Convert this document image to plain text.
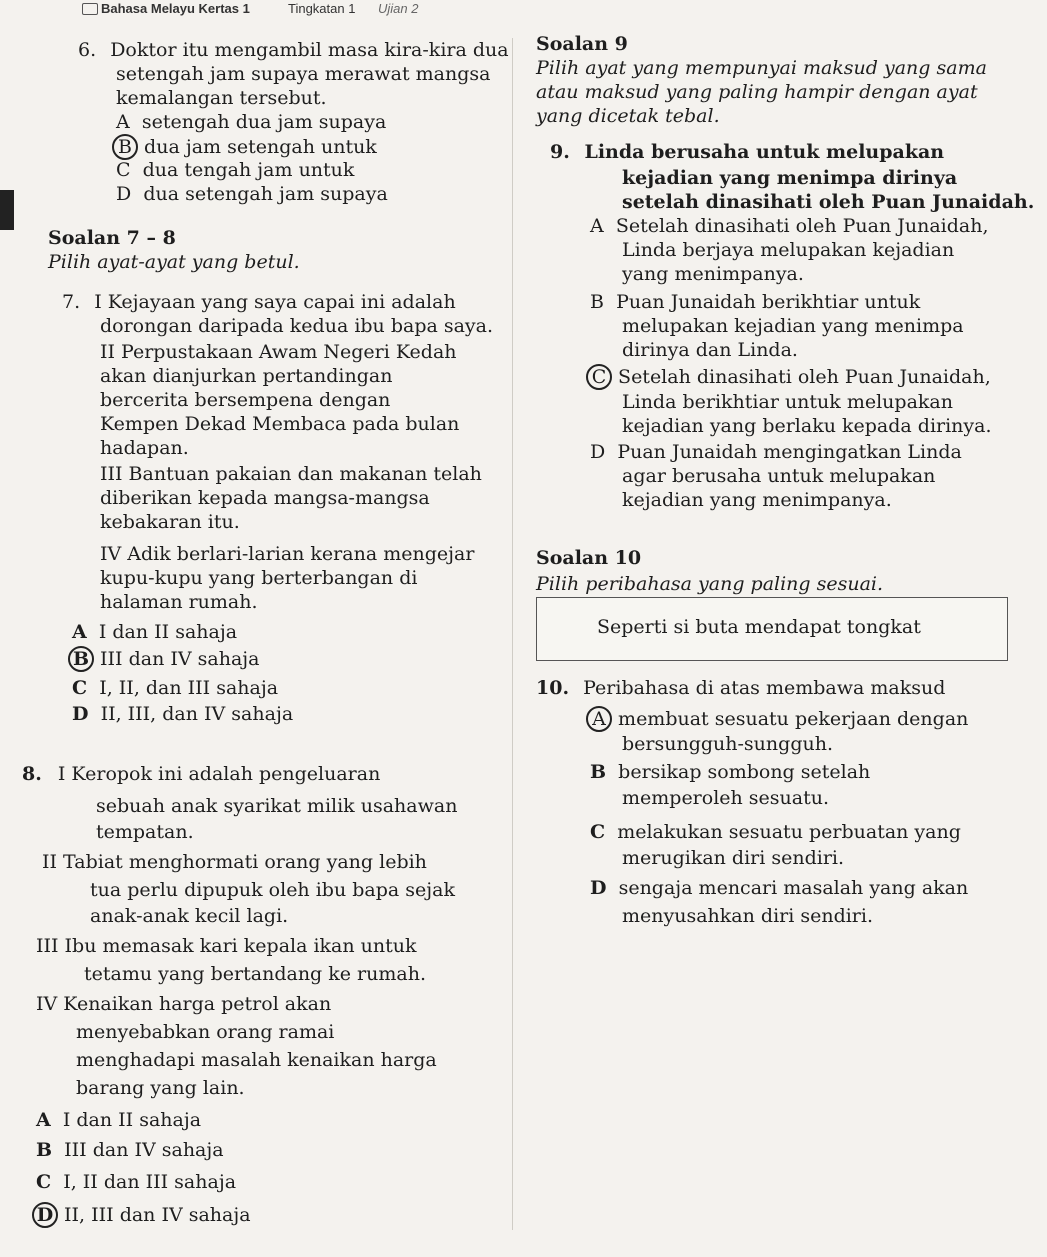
Bahasa Melayu Kertas 1	Tingkatan 1 Ujian 2
6. Doktor itu mengambil masa kira-kira dua
setengah jam supaya merawat mangsa
kemalangan tersebut.
A setengah dua jam supaya
B dua jam setengah untuk
C dua tengah jam untuk
D dua setengah jam supaya
Soalan 7 – 8
Pilih ayat-ayat yang betul.
7. I Kejayaan yang saya capai ini adalah
dorongan daripada kedua ibu bapa saya.
II Perpustakaan Awam Negeri Kedah
akan dianjurkan pertandingan
bercerita bersempena dengan
Kempen Dekad Membaca pada bulan
hadapan.
III Bantuan pakaian dan makanan telah
diberikan kepada mangsa-mangsa
kebakaran itu.
IV Adik berlari-larian kerana mengejar
kupu-kupu yang berterbangan di
halaman rumah.
A I dan II sahaja
B III dan IV sahaja
C I, II, dan III sahaja
D II, III, dan IV sahaja
8. I Keropok ini adalah pengeluaran
sebuah anak syarikat milik usahawan
tempatan.
II Tabiat menghormati orang yang lebih
tua perlu dipupuk oleh ibu bapa sejak
anak-anak kecil lagi.
III Ibu memasak kari kepala ikan untuk
tetamu yang bertandang ke rumah.
IV Kenaikan harga petrol akan
menyebabkan orang ramai
menghadapi masalah kenaikan harga
barang yang lain.
A I dan II sahaja
B III dan IV sahaja
C I, II dan III sahaja
D II, III dan IV sahaja
Soalan 9
Pilih ayat yang mempunyai maksud yang sama
atau maksud yang paling hampir dengan ayat
yang dicetak tebal.
9. Linda berusaha untuk melupakan
kejadian yang menimpa dirinya
setelah dinasihati oleh Puan Junaidah.
A Setelah dinasihati oleh Puan Junaidah,
Linda berjaya melupakan kejadian
yang menimpanya.
B Puan Junaidah berikhtiar untuk
melupakan kejadian yang menimpa
dirinya dan Linda.
C Setelah dinasihati oleh Puan Junaidah,
Linda berikhtiar untuk melupakan
kejadian yang berlaku kepada dirinya.
D Puan Junaidah mengingatkan Linda
agar berusaha untuk melupakan
kejadian yang menimpanya.
Soalan 10
Pilih peribahasa yang paling sesuai.
Seperti si buta mendapat tongkat
10. Peribahasa di atas membawa maksud
A membuat sesuatu pekerjaan dengan
bersungguh-sungguh.
B bersikap sombong setelah
memperoleh sesuatu.
C melakukan sesuatu perbuatan yang
merugikan diri sendiri.
D sengaja mencari masalah yang akan
menyusahkan diri sendiri.
